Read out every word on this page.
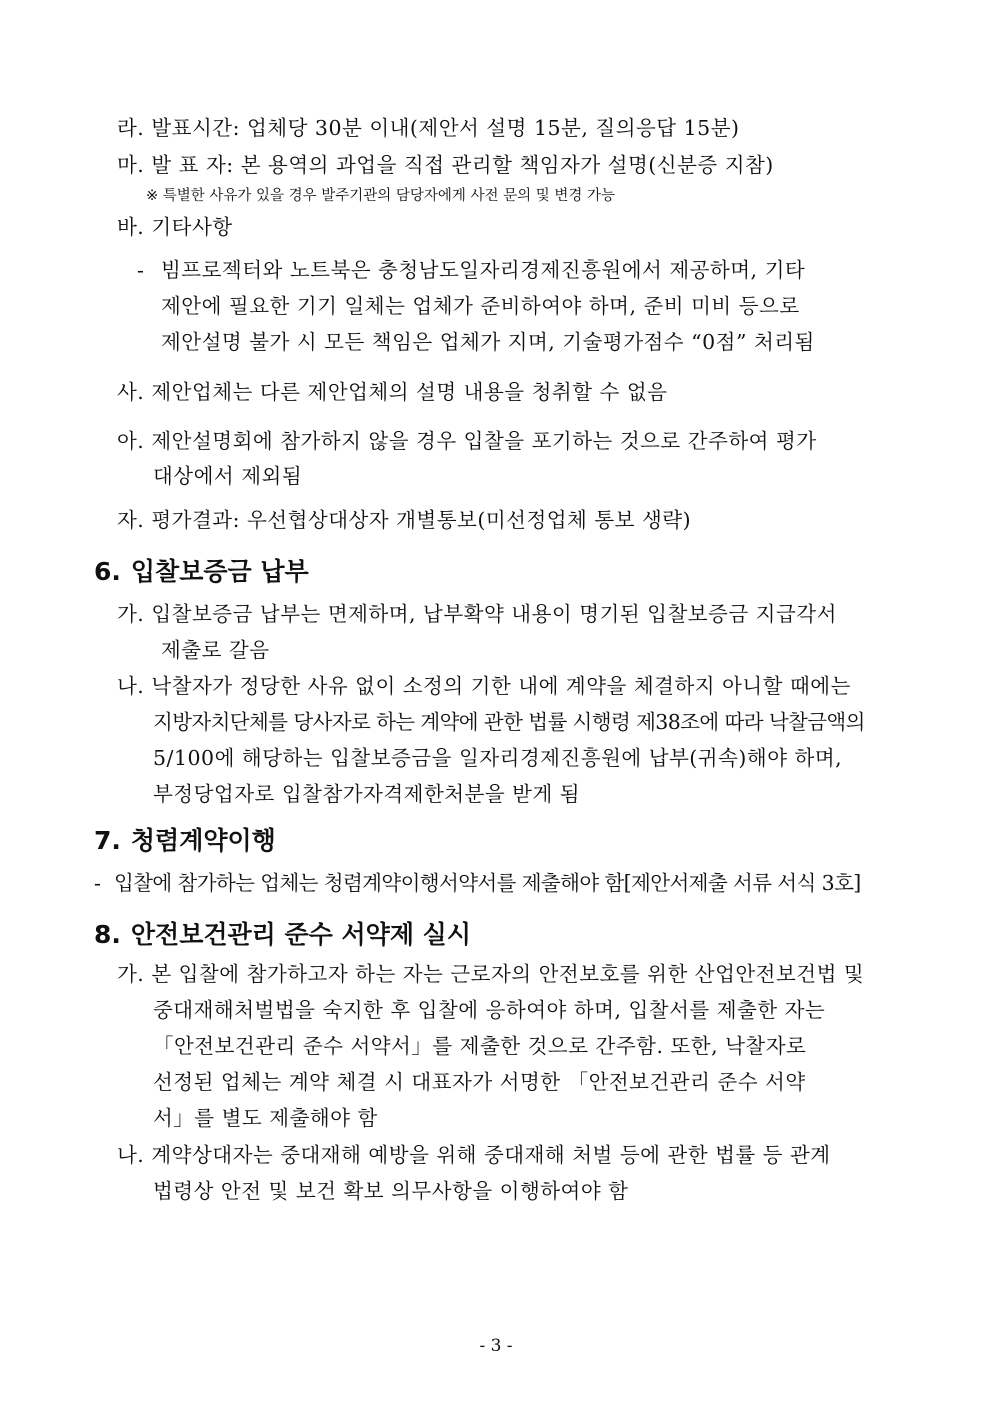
라. 발표시간: 업체당 30분 이내(제안서 설명 15분, 질의응답 15분)
마. 발 표 자: 본 용역의 과업을 직접 관리할 책임자가 설명(신분증 지참)
※ 특별한 사유가 있을 경우 발주기관의 담당자에게 사전 문의 및 변경 가능
바. 기타사항
- 빔프로젝터와 노트북은 충청남도일자리경제진흥원에서 제공하며, 기타
제안에 필요한 기기 일체는 업체가 준비하여야 하며, 준비 미비 등으로
제안설명 불가 시 모든 책임은 업체가 지며, 기술평가점수 “0점” 처리됨
사. 제안업체는 다른 제안업체의 설명 내용을 청취할 수 없음
아. 제안설명회에 참가하지 않을 경우 입찰을 포기하는 것으로 간주하여 평가
대상에서 제외됨
자. 평가결과: 우선협상대상자 개별통보(미선정업체 통보 생략)
6. 입찰보증금 납부
가. 입찰보증금 납부는 면제하며, 납부확약 내용이 명기된 입찰보증금 지급각서
제출로 갈음
나. 낙찰자가 정당한 사유 없이 소정의 기한 내에 계약을 체결하지 아니할 때에는
지방자치단체를 당사자로 하는 계약에 관한 법률 시행령 제38조에 따라 낙찰금액의
5/100에 해당하는 입찰보증금을 일자리경제진흥원에 납부(귀속)해야 하며,
부정당업자로 입찰참가자격제한처분을 받게 됨
7. 청렴계약이행
- 입찰에 참가하는 업체는 청렴계약이행서약서를 제출해야 함[제안서제출 서류 서식 3호]
8. 안전보건관리 준수 서약제 실시
가. 본 입찰에 참가하고자 하는 자는 근로자의 안전보호를 위한 산업안전보건법 및
중대재해처벌법을 숙지한 후 입찰에 응하여야 하며, 입찰서를 제출한 자는
「안전보건관리 준수 서약서」를 제출한 것으로 간주함. 또한, 낙찰자로
선정된 업체는 계약 체결 시 대표자가 서명한 「안전보건관리 준수 서약
서」를 별도 제출해야 함
나. 계약상대자는 중대재해 예방을 위해 중대재해 처벌 등에 관한 법률 등 관계
법령상 안전 및 보건 확보 의무사항을 이행하여야 함
- 3 -
